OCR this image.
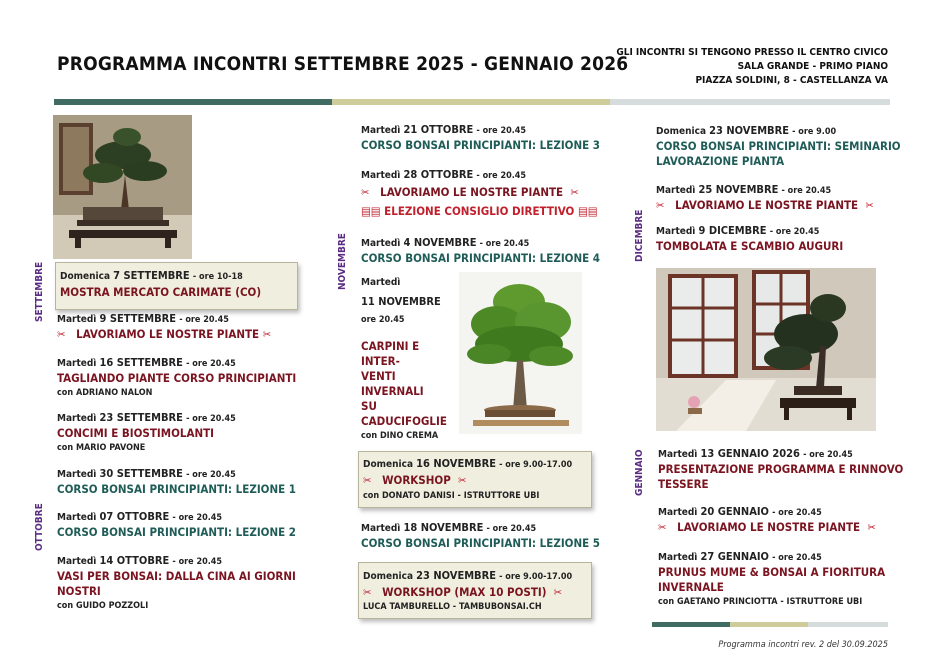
PROGRAMMA INCONTRI SETTEMBRE 2025 - GENNAIO 2026
GLI INCONTRI SI TENGONO PRESSO IL CENTRO CIVICO
SALA GRANDE - PRIMO PIANO
PIAZZA SOLDINI, 8 - CASTELLANZA VA
SETTEMBRE
OTTOBRE
NOVEMBRE	DICEMBRE
GENNAIO
Domenica 7 SETTEMBRE - ore 10-18
MOSTRA MERCATO CARIMATE (CO)
Martedì 9 SETTEMBRE - ore 20.45
✂ LAVORIAMO LE NOSTRE PIANTE ✂
Martedì 16 SETTEMBRE - ore 20.45
TAGLIANDO PIANTE CORSO PRINCIPIANTI
con ADRIANO NALON
Martedì 23 SETTEMBRE - ore 20.45
CONCIMI E BIOSTIMOLANTI
con MARIO PAVONE
Martedì 30 SETTEMBRE - ore 20.45
CORSO BONSAI PRINCIPIANTI: LEZIONE 1
Martedì 07 OTTOBRE - ore 20.45
CORSO BONSAI PRINCIPIANTI: LEZIONE 2
Martedì 14 OTTOBRE - ore 20.45
VASI PER BONSAI: DALLA CINA AI GIORNI
NOSTRI
con GUIDO POZZOLI
Martedì 21 OTTOBRE - ore 20.45
CORSO BONSAI PRINCIPIANTI: LEZIONE 3
Martedì 28 OTTOBRE - ore 20.45
✂ LAVORIAMO LE NOSTRE PIANTE ✂
▤▤ ELEZIONE CONSIGLIO DIRETTIVO ▤▤
Martedì 4 NOVEMBRE - ore 20.45
CORSO BONSAI PRINCIPIANTI: LEZIONE 4
Martedì
11 NOVEMBRE
ore 20.45
CARPINI E INTER-
VENTI INVERNALI
SU CADUCIFOGLIE
con DINO CREMA
Domenica 16 NOVEMBRE - ore 9.00-17.00
✂ WORKSHOP ✂
con DONATO DANISI - ISTRUTTORE UBI
Martedì 18 NOVEMBRE - ore 20.45
CORSO BONSAI PRINCIPIANTI: LEZIONE 5
Domenica 23 NOVEMBRE - ore 9.00-17.00
✂ WORKSHOP (MAX 10 POSTI) ✂
LUCA TAMBURELLO - TAMBUBONSAI.CH
Domenica 23 NOVEMBRE - ore 9.00
CORSO BONSAI PRINCIPIANTI: SEMINARIO
LAVORAZIONE PIANTA
Martedì 25 NOVEMBRE - ore 20.45
✂ LAVORIAMO LE NOSTRE PIANTE ✂
Martedì 9 DICEMBRE - ore 20.45
TOMBOLATA E SCAMBIO AUGURI
Martedì 13 GENNAIO 2026 - ore 20.45
PRESENTAZIONE PROGRAMMA E RINNOVO
TESSERE
Martedì 20 GENNAIO - ore 20.45
✂ LAVORIAMO LE NOSTRE PIANTE ✂
Martedì 27 GENNAIO - ore 20.45
PRUNUS MUME & BONSAI A FIORITURA
INVERNALE
con GAETANO PRINCIOTTA - ISTRUTTORE UBI
Programma incontri rev. 2 del 30.09.2025
